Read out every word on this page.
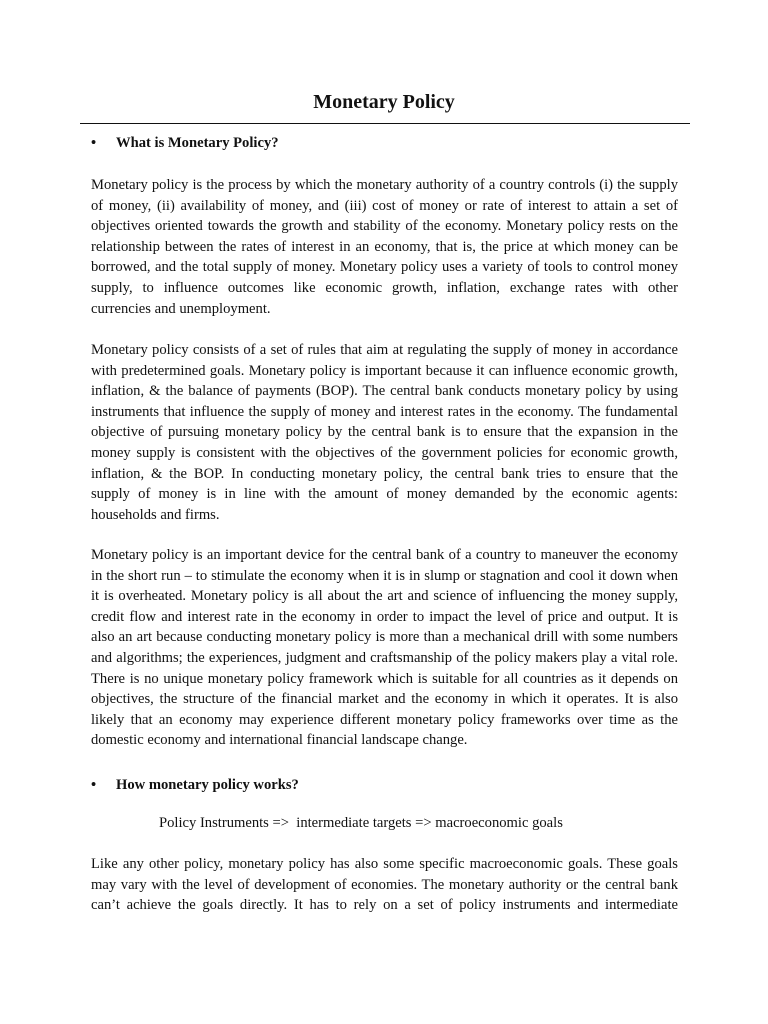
Monetary Policy
• What is Monetary Policy?
Monetary policy is the process by which the monetary authority of a country controls (i) the supply
of money, (ii) availability of money, and (iii) cost of money or rate of interest to attain a set of
objectives oriented towards the growth and stability of the economy. Monetary policy rests on the
relationship between the rates of interest in an economy, that is, the price at which money can be
borrowed, and the total supply of money. Monetary policy uses a variety of tools to control money
supply, to influence outcomes like economic growth, inflation, exchange rates with other
currencies and unemployment.
Monetary policy consists of a set of rules that aim at regulating the supply of money in accordance
with predetermined goals. Monetary policy is important because it can influence economic growth,
inflation, & the balance of payments (BOP). The central bank conducts monetary policy by using
instruments that influence the supply of money and interest rates in the economy. The fundamental
objective of pursuing monetary policy by the central bank is to ensure that the expansion in the
money supply is consistent with the objectives of the government policies for economic growth,
inflation, & the BOP. In conducting monetary policy, the central bank tries to ensure that the
supply of money is in line with the amount of money demanded by the economic agents:
households and firms.
Monetary policy is an important device for the central bank of a country to maneuver the economy
in the short run – to stimulate the economy when it is in slump or stagnation and cool it down when
it is overheated. Monetary policy is all about the art and science of influencing the money supply,
credit flow and interest rate in the economy in order to impact the level of price and output. It is
also an art because conducting monetary policy is more than a mechanical drill with some numbers
and algorithms; the experiences, judgment and craftsmanship of the policy makers play a vital role.
There is no unique monetary policy framework which is suitable for all countries as it depends on
objectives, the structure of the financial market and the economy in which it operates. It is also
likely that an economy may experience different monetary policy frameworks over time as the
domestic economy and international financial landscape change.
• How monetary policy works?
Policy Instruments =>  intermediate targets => macroeconomic goals
Like any other policy, monetary policy has also some specific macroeconomic goals. These goals
may vary with the level of development of economies. The monetary authority or the central bank
can’t achieve the goals directly. It has to rely on a set of policy instruments and intermediate
